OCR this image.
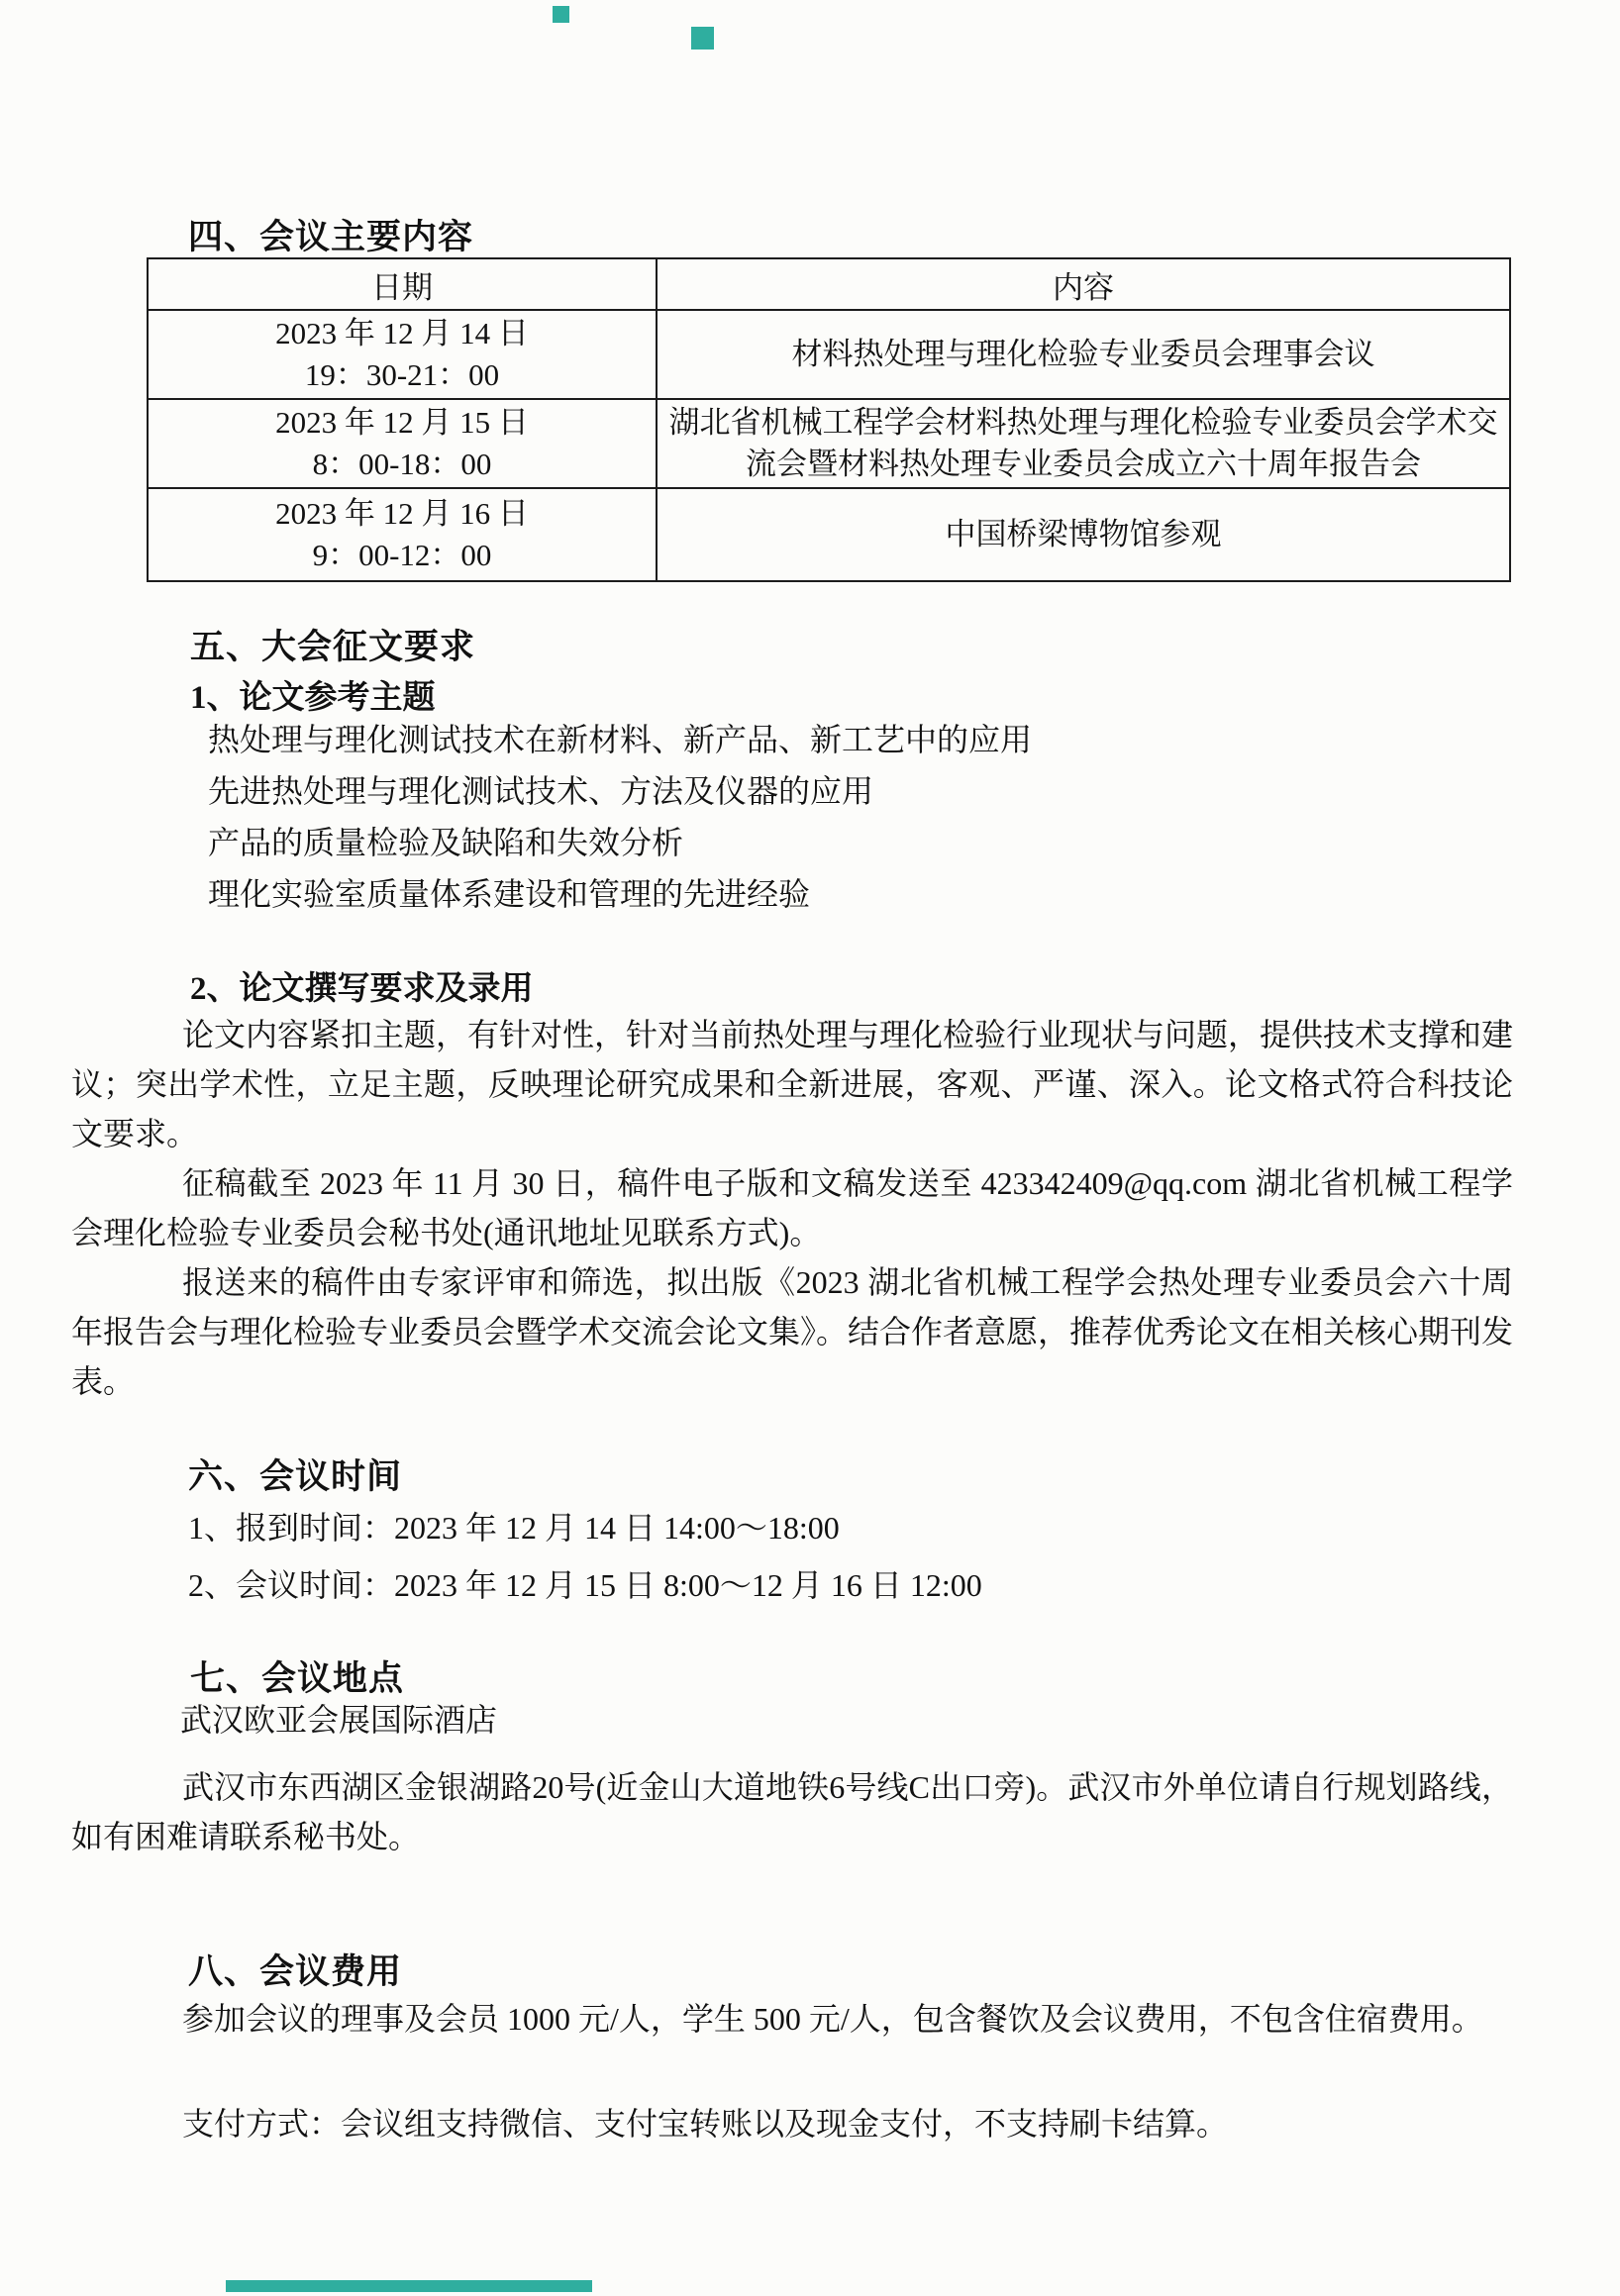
四、会议主要内容
日期	内容

2023 年 12 月 14 日
19：30-21：00	材料热处理与理化检验专业委员会理事会议

2023 年 12 月 15 日
8：00-18：00	湖北省机械工程学会材料热处理与理化检验专业委员会学术交流会暨材料热处理专业委员会成立六十周年报告会

2023 年 12 月 16 日
9：00-12：00	中国桥梁博物馆参观
五、大会征文要求
1、论文参考主题
热处理与理化测试技术在新材料、新产品、新工艺中的应用
先进热处理与理化测试技术、方法及仪器的应用
产品的质量检验及缺陷和失效分析
理化实验室质量体系建设和管理的先进经验
2、论文撰写要求及录用

论文内容紧扣主题，有针对性，针对当前热处理与理化检验行业现状与问题，提供技术支撑和建议；突出学术性，立足主题，反映理论研究成果和全新进展，客观、严谨、深入。论文格式符合科技论文要求。

征稿截至 2023 年 11 月 30 日，稿件电子版和文稿发送至 423342409@qq.com 湖北省机械工程学会理化检验专业委员会秘书处(通讯地址见联系方式)。

报送来的稿件由专家评审和筛选，拟出版《2023 湖北省机械工程学会热处理专业委员会六十周年报告会与理化检验专业委员会暨学术交流会论文集》。结合作者意愿，推荐优秀论文在相关核心期刊发表。

六、会议时间
1、报到时间：2023 年 12 月 14 日 14:00～18:00
2、会议时间：2023 年 12 月 15 日 8:00～12 月 16 日 12:00
七、会议地点
武汉欧亚会展国际酒店

武汉市东西湖区金银湖路20号(近金山大道地铁6号线C出口旁)。武汉市外单位请自行规划路线，如有困难请联系秘书处。

八、会议费用

参加会议的理事及会员 1000 元/人，学生 500 元/人，包含餐饮及会议费用，不包含住宿费用。

支付方式：会议组支持微信、支付宝转账以及现金支付，不支持刷卡结算。
